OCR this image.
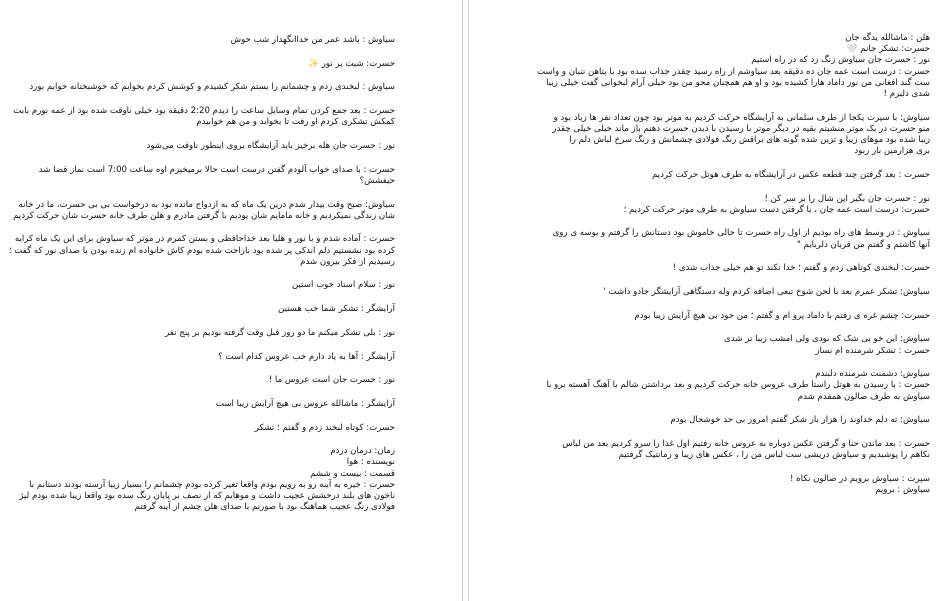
سیاوش : باشد عمر من خداانگهدار شب خوش
حسرت: شبت پر نور ✨
سیاوش : لبخندی زدم و چشمانم را بستم شکر کشیدم و کوشش کردم بخوابم که خوشبختانه خوابم بورد
حسرت : بعد جمع کردن تمام وسایل ساعت را دیدم 2:20 دقیقه بود خیلی ناوقت شده بود از عمه نورم بابت
کمکش تشکری کردم او رفت تا بخوابد و من هم خوابیدم
نور : حسرت جان هله برخیز باید آرایشگاه بروی اینطور ناوقت می‌شود
حسرت : با صدای خواب آلودم گفتن درست است حالا برمیخیزم اوه ساعت 7:00 است نماز قضا شد
حیفشش؟
سیاوش: صبح وقت بیدار شدم درین یک ماه که به ازدواج مانده بود به درخواست بی بی حسرت، ما در خانه
شان زندگی نمیکردیم و خانه مامایم شان بودیم با گرفتن مادرم و هلن طرف خانه حسرت شان حرکت کردیم
حسرت : آماده شدم و با نور و هلیا بعد خداحافظی و بستن کمرم در موتر که سیاوش برای این یک ماه کرایه
کرده بود نشستیم دلم اندکی پر شده بود ناراحت شده بودم کاش خانواده ام زنده بودن با صدای نور که گفت ؛
رسیدیم از فکر بیرون شدم
نور : سلام استاد خوب استین
آرایشگر : تشکر شما خب هستین
نور : بلی تشکر میکنم ما دو روز قبل وقت گرفته بودیم بر پنج نفر
آرایشگر : آها به یاد دارم خب عروس کدام است ؟
نور : حسرت جان است عروس ما !
آرایشگر : ماشالله عروس بی هیچ آرایش زیبا است
حسرت: کوتاه لبخند زدم و گفتم ؛ تشکر
رمان: درمان دردم
نویسنده : هوا
قسمت : بیست و ششم
حسرت : خیره به آینه رو به رویم بودم واقعا تغیر کرده بودم چشمانم را بسیار زیبا آرسته بودند دستانم با
ناخون های بلند درخشش عجیب داشت و موهایم که از نصف بر پایان رنگ سده بود واقعا زیبا شده بودم لیژ
فولادی رنگ عجیب هماهنگ بود با صورتم با صدای هلن چشم از آینه گرفتم
هلن : ماشالله یدگه جان
حسرت: تشکر جانم 🤍
نور : حسرت جان سیاوش زنگ زد که در راه استیم
حسرت : درست است عمه جان ده دقیقه بعد سیاوشم از راه رسید چقدر جذاب سده بود با پتاهن تنبان و واست
ست گند افغانی من نور داماد هارا کشیده بود و او هم همچنان محو من بود خیلی آرام لبخوانی گفت خیلی زیبا
شدی دلبرم !
سیاوش: با سپرت یکجا از طرف سلمانی به آرایشگاه حرکت کردیم به موتر بود چون تعداد نفر ها زیاد بود و
منو حسرت در یک موتر منشیتم بقیه در دیگر موتر با رسیدن با دیدن حسرت دهنم باز ماند خیلی خیلی چقدر
زیبا شده بود موهای زیبا و تزین شده گونه های براقش رنگ فولادی چشمانش و رنگ سرخ لباش دلم را
بری هزارمین بار ربود
حسرت : بعد گرفتن چند قطعه عکس در آرایشگاه به طرف هوتل حرکت کردیم
نور : حسرت جان بگیر این شال را بر سر کن !
حسرت: درست است عمه جان ، با گرفتن دست سیاوش به طرف موتر حرکت کردیم ؛
سیاوش : در وسط های راه بودیم از اول راه حسرت تا حالی خاموش بود دستانش را گرفتم و بوسه ی روی
آنها کاشتم و گفتم من قربان دلربایم "
حسرت: لبخندی کوتاهی زدم و گفتم ؛ خدا نکند تو هم خیلی جذاب شدی !
سیاوش: تشکر عمرم بعد با لحن شوخ تبعی اضافه کردم وله دستگاهی آرایشگر جادو داشت '
حسرت: چشم غره ی رفتم با داماد پرو ام و گفتم ؛ من خود بی هیچ آرایش زیبا بودم
سیاوش: این خو بی شک که بودی ولی امشب زیبا تر شدی
حسرت : تشکر شرمنده ام نساز
سیاوش: دشمنت شرمنده دلبندم
حسرت : با رسیدن به هوتل راستا طرف عروس خانه حرکت کردیم و بعد برداشتن شالم با آهنگ آهسته برو با
سیاوش به طرف صالون همقدم شدم
سیاوش: ته دلم خداوند را هزار بار شکر گفتم امروز بی حد خوشحال بودم
حسرت : بعد ماندن حنا و گرفتن عکس دوباره به عروس خانه رفتیم اول غذا را سرو کردیم بعد من لباس
نکاهم را پوشیدیم و سیاوش دریشی ست لباس من را ، عکس های زیبا و رمانتیک گرفتیم
سپرت : سیاوش برویم در صالون نکاه !
سیاوش : برویم
